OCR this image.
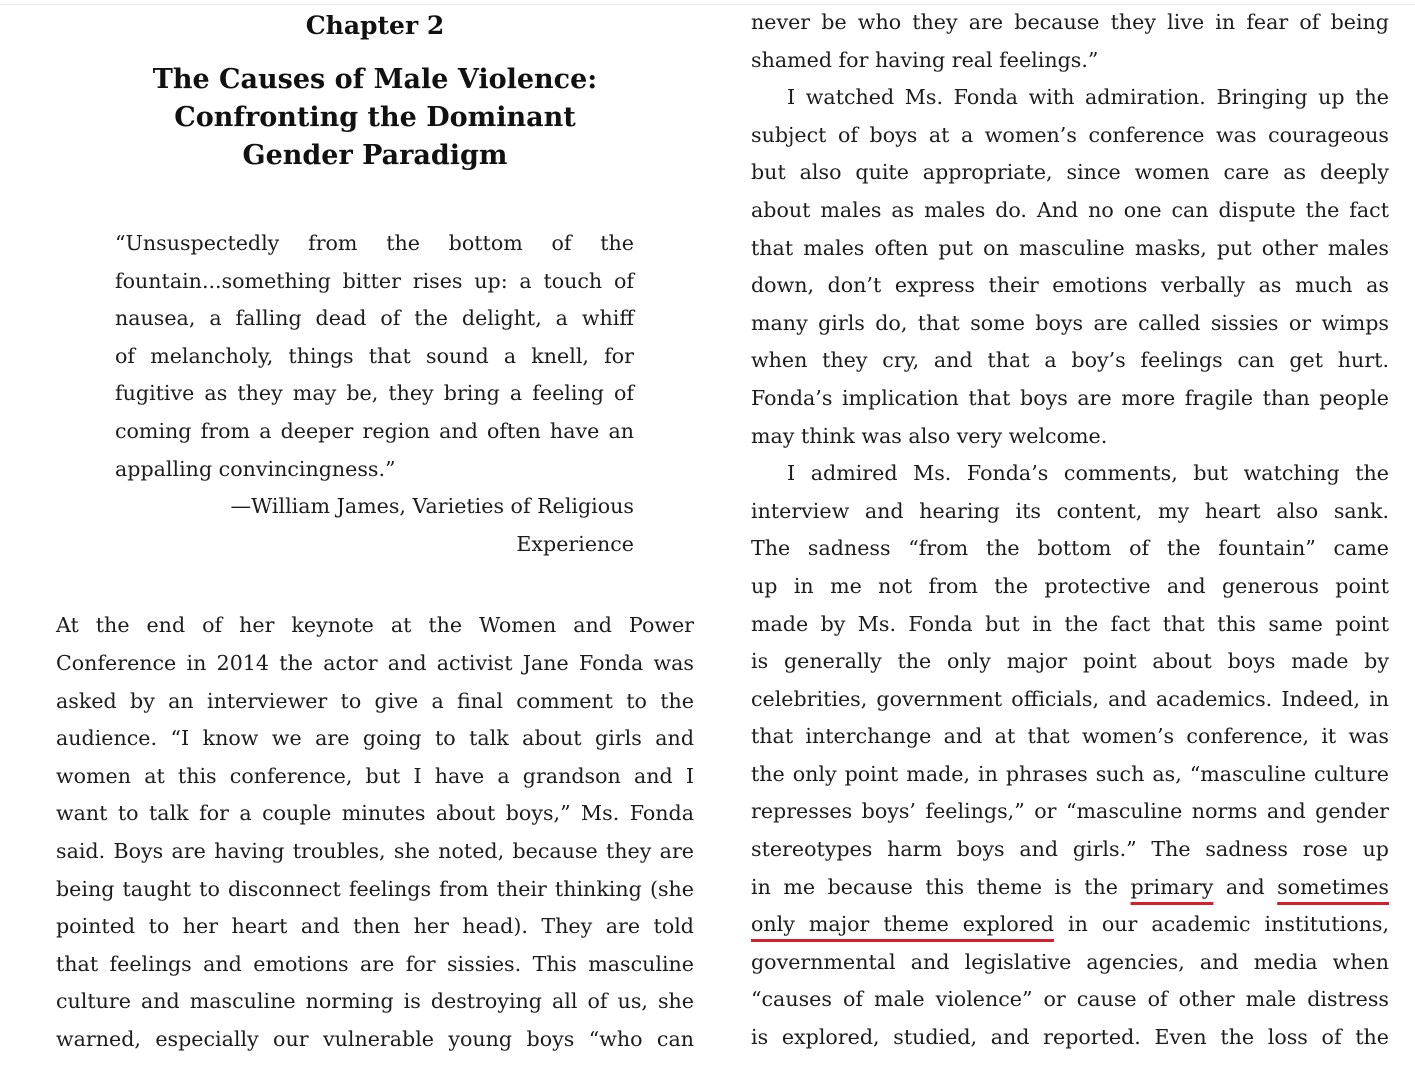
Chapter 2
The Causes of Male Violence:
Confronting the Dominant
Gender Paradigm
“Unsuspectedly from the bottom of the
fountain...something bitter rises up: a touch of
nausea, a falling dead of the delight, a whiff
of melancholy, things that sound a knell, for
fugitive as they may be, they bring a feeling of
coming from a deeper region and often have an
appalling convincingness.”
—William James, Varieties of Religious
Experience
At the end of her keynote at the Women and Power
Conference in 2014 the actor and activist Jane Fonda was
asked by an interviewer to give a final comment to the
audience. “I know we are going to talk about girls and
women at this conference, but I have a grandson and I
want to talk for a couple minutes about boys,” Ms. Fonda
said. Boys are having troubles, she noted, because they are
being taught to disconnect feelings from their thinking (she
pointed to her heart and then her head). They are told
that feelings and emotions are for sissies. This masculine
culture and masculine norming is destroying all of us, she
warned, especially our vulnerable young boys “who can
never be who they are because they live in fear of being
shamed for having real feelings.”
I watched Ms. Fonda with admiration. Bringing up the
subject of boys at a women’s conference was courageous
but also quite appropriate, since women care as deeply
about males as males do. And no one can dispute the fact
that males often put on masculine masks, put other males
down, don’t express their emotions verbally as much as
many girls do, that some boys are called sissies or wimps
when they cry, and that a boy’s feelings can get hurt.
Fonda’s implication that boys are more fragile than people
may think was also very welcome.
I admired Ms. Fonda’s comments, but watching the
interview and hearing its content, my heart also sank.
The sadness “from the bottom of the fountain” came
up in me not from the protective and generous point
made by Ms. Fonda but in the fact that this same point
is generally the only major point about boys made by
celebrities, government officials, and academics. Indeed, in
that interchange and at that women’s conference, it was
the only point made, in phrases such as, “masculine culture
represses boys’ feelings,” or “masculine norms and gender
stereotypes harm boys and girls.” The sadness rose up
in me because this theme is the primary and sometimes
only major theme explored in our academic institutions,
governmental and legislative agencies, and media when
“causes of male violence” or cause of other male distress
is explored, studied, and reported. Even the loss of the
